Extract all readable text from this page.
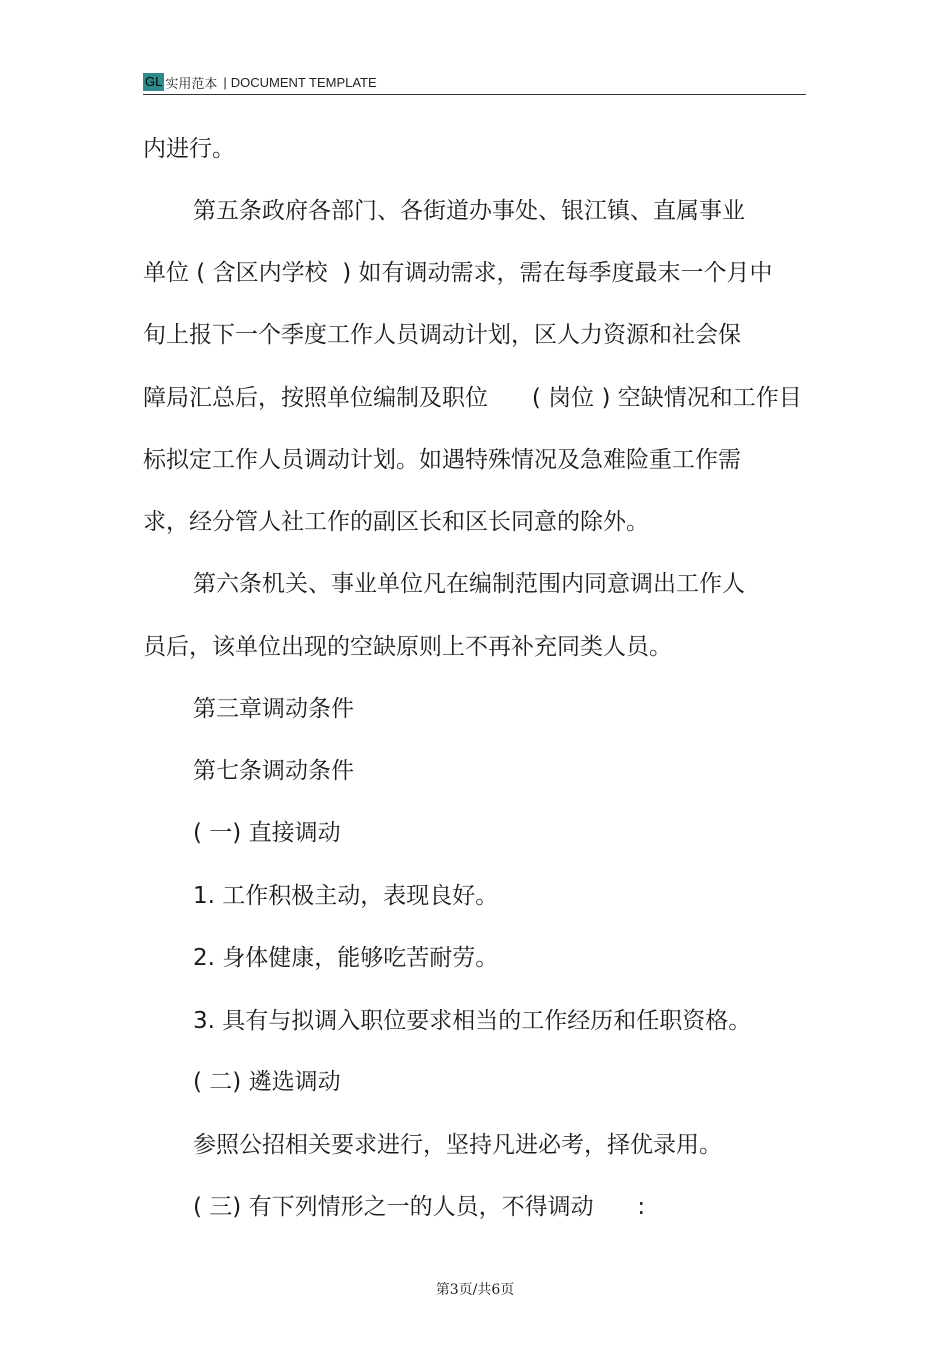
GL 实用范本 | DOCUMENT TEMPLATE
内进行。
第五条政府各部门、各街道办事处、银江镇、直属事业
单位 ( 含区内学校  ) 如有调动需求，需在每季度最末一个月中
旬上报下一个季度工作人员调动计划，区人力资源和社会保
障局汇总后，按照单位编制及职位      ( 岗位 ) 空缺情况和工作目
标拟定工作人员调动计划。如遇特殊情况及急难险重工作需
求，经分管人社工作的副区长和区长同意的除外。
第六条机关、事业单位凡在编制范围内同意调出工作人
员后，该单位出现的空缺原则上不再补充同类人员。
第三章调动条件
第七条调动条件
( 一) 直接调动
1. 工作积极主动，表现良好。
2. 身体健康，能够吃苦耐劳。
3. 具有与拟调入职位要求相当的工作经历和任职资格。
( 二) 遴选调动
参照公招相关要求进行，坚持凡进必考，择优录用。
( 三) 有下列情形之一的人员，不得调动      :
第3页/共6页
